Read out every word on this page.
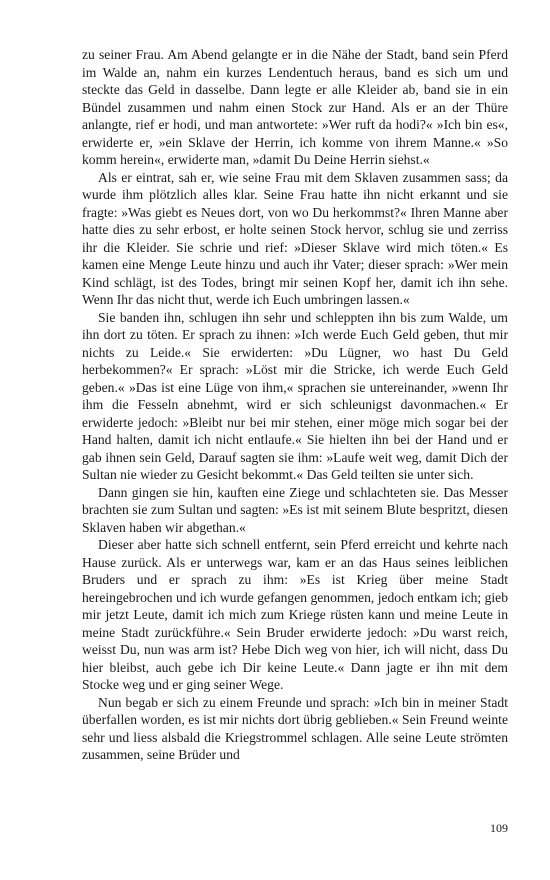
zu seiner Frau. Am Abend gelangte er in die Nähe der Stadt, band sein Pferd im Walde an, nahm ein kurzes Lendentuch heraus, band es sich um und steckte das Geld in dasselbe. Dann legte er alle Kleider ab, band sie in ein Bündel zusammen und nahm einen Stock zur Hand. Als er an der Thüre anlangte, rief er hodi, und man antwortete: »Wer ruft da hodi?« »Ich bin es«, erwiderte er, »ein Sklave der Herrin, ich komme von ihrem Manne.« »So komm herein«, erwiderte man, »damit Du Deine Herrin siehst.«

Als er eintrat, sah er, wie seine Frau mit dem Sklaven zusammen sass; da wurde ihm plötzlich alles klar. Seine Frau hatte ihn nicht erkannt und sie fragte: »Was giebt es Neues dort, von wo Du herkommst?« Ihren Manne aber hatte dies zu sehr erbost, er holte seinen Stock hervor, schlug sie und zerriss ihr die Kleider. Sie schrie und rief: »Dieser Sklave wird mich töten.« Es kamen eine Menge Leute hinzu und auch ihr Vater; dieser sprach: »Wer mein Kind schlägt, ist des Todes, bringt mir seinen Kopf her, damit ich ihn sehe. Wenn Ihr das nicht thut, werde ich Euch umbringen lassen.«

Sie banden ihn, schlugen ihn sehr und schleppten ihn bis zum Walde, um ihn dort zu töten. Er sprach zu ihnen: »Ich werde Euch Geld geben, thut mir nichts zu Leide.« Sie erwiderten: »Du Lügner, wo hast Du Geld herbekommen?« Er sprach: »Löst mir die Stricke, ich werde Euch Geld geben.« »Das ist eine Lüge von ihm,« sprachen sie untereinander, »wenn Ihr ihm die Fesseln abnehmt, wird er sich schleunigst davonmachen.« Er erwiderte jedoch: »Bleibt nur bei mir stehen, einer möge mich sogar bei der Hand halten, damit ich nicht entlaufe.« Sie hielten ihn bei der Hand und er gab ihnen sein Geld, Darauf sagten sie ihm: »Laufe weit weg, damit Dich der Sultan nie wieder zu Gesicht bekommt.« Das Geld teilten sie unter sich.

Dann gingen sie hin, kauften eine Ziege und schlachteten sie. Das Messer brachten sie zum Sultan und sagten: »Es ist mit seinem Blute bespritzt, diesen Sklaven haben wir abgethan.«

Dieser aber hatte sich schnell entfernt, sein Pferd erreicht und kehrte nach Hause zurück. Als er unterwegs war, kam er an das Haus seines leiblichen Bruders und er sprach zu ihm: »Es ist Krieg über meine Stadt hereingebrochen und ich wurde gefangen genommen, jedoch entkam ich; gieb mir jetzt Leute, damit ich mich zum Kriege rüsten kann und meine Leute in meine Stadt zurückführe.« Sein Bruder erwiderte jedoch: »Du warst reich, weisst Du, nun was arm ist? Hebe Dich weg von hier, ich will nicht, dass Du hier bleibst, auch gebe ich Dir keine Leute.« Dann jagte er ihn mit dem Stocke weg und er ging seiner Wege.

Nun begab er sich zu einem Freunde und sprach: »Ich bin in meiner Stadt überfallen worden, es ist mir nichts dort übrig geblieben.« Sein Freund weinte sehr und liess alsbald die Kriegstrommel schlagen. Alle seine Leute strömten zusammen, seine Brüder und

109
